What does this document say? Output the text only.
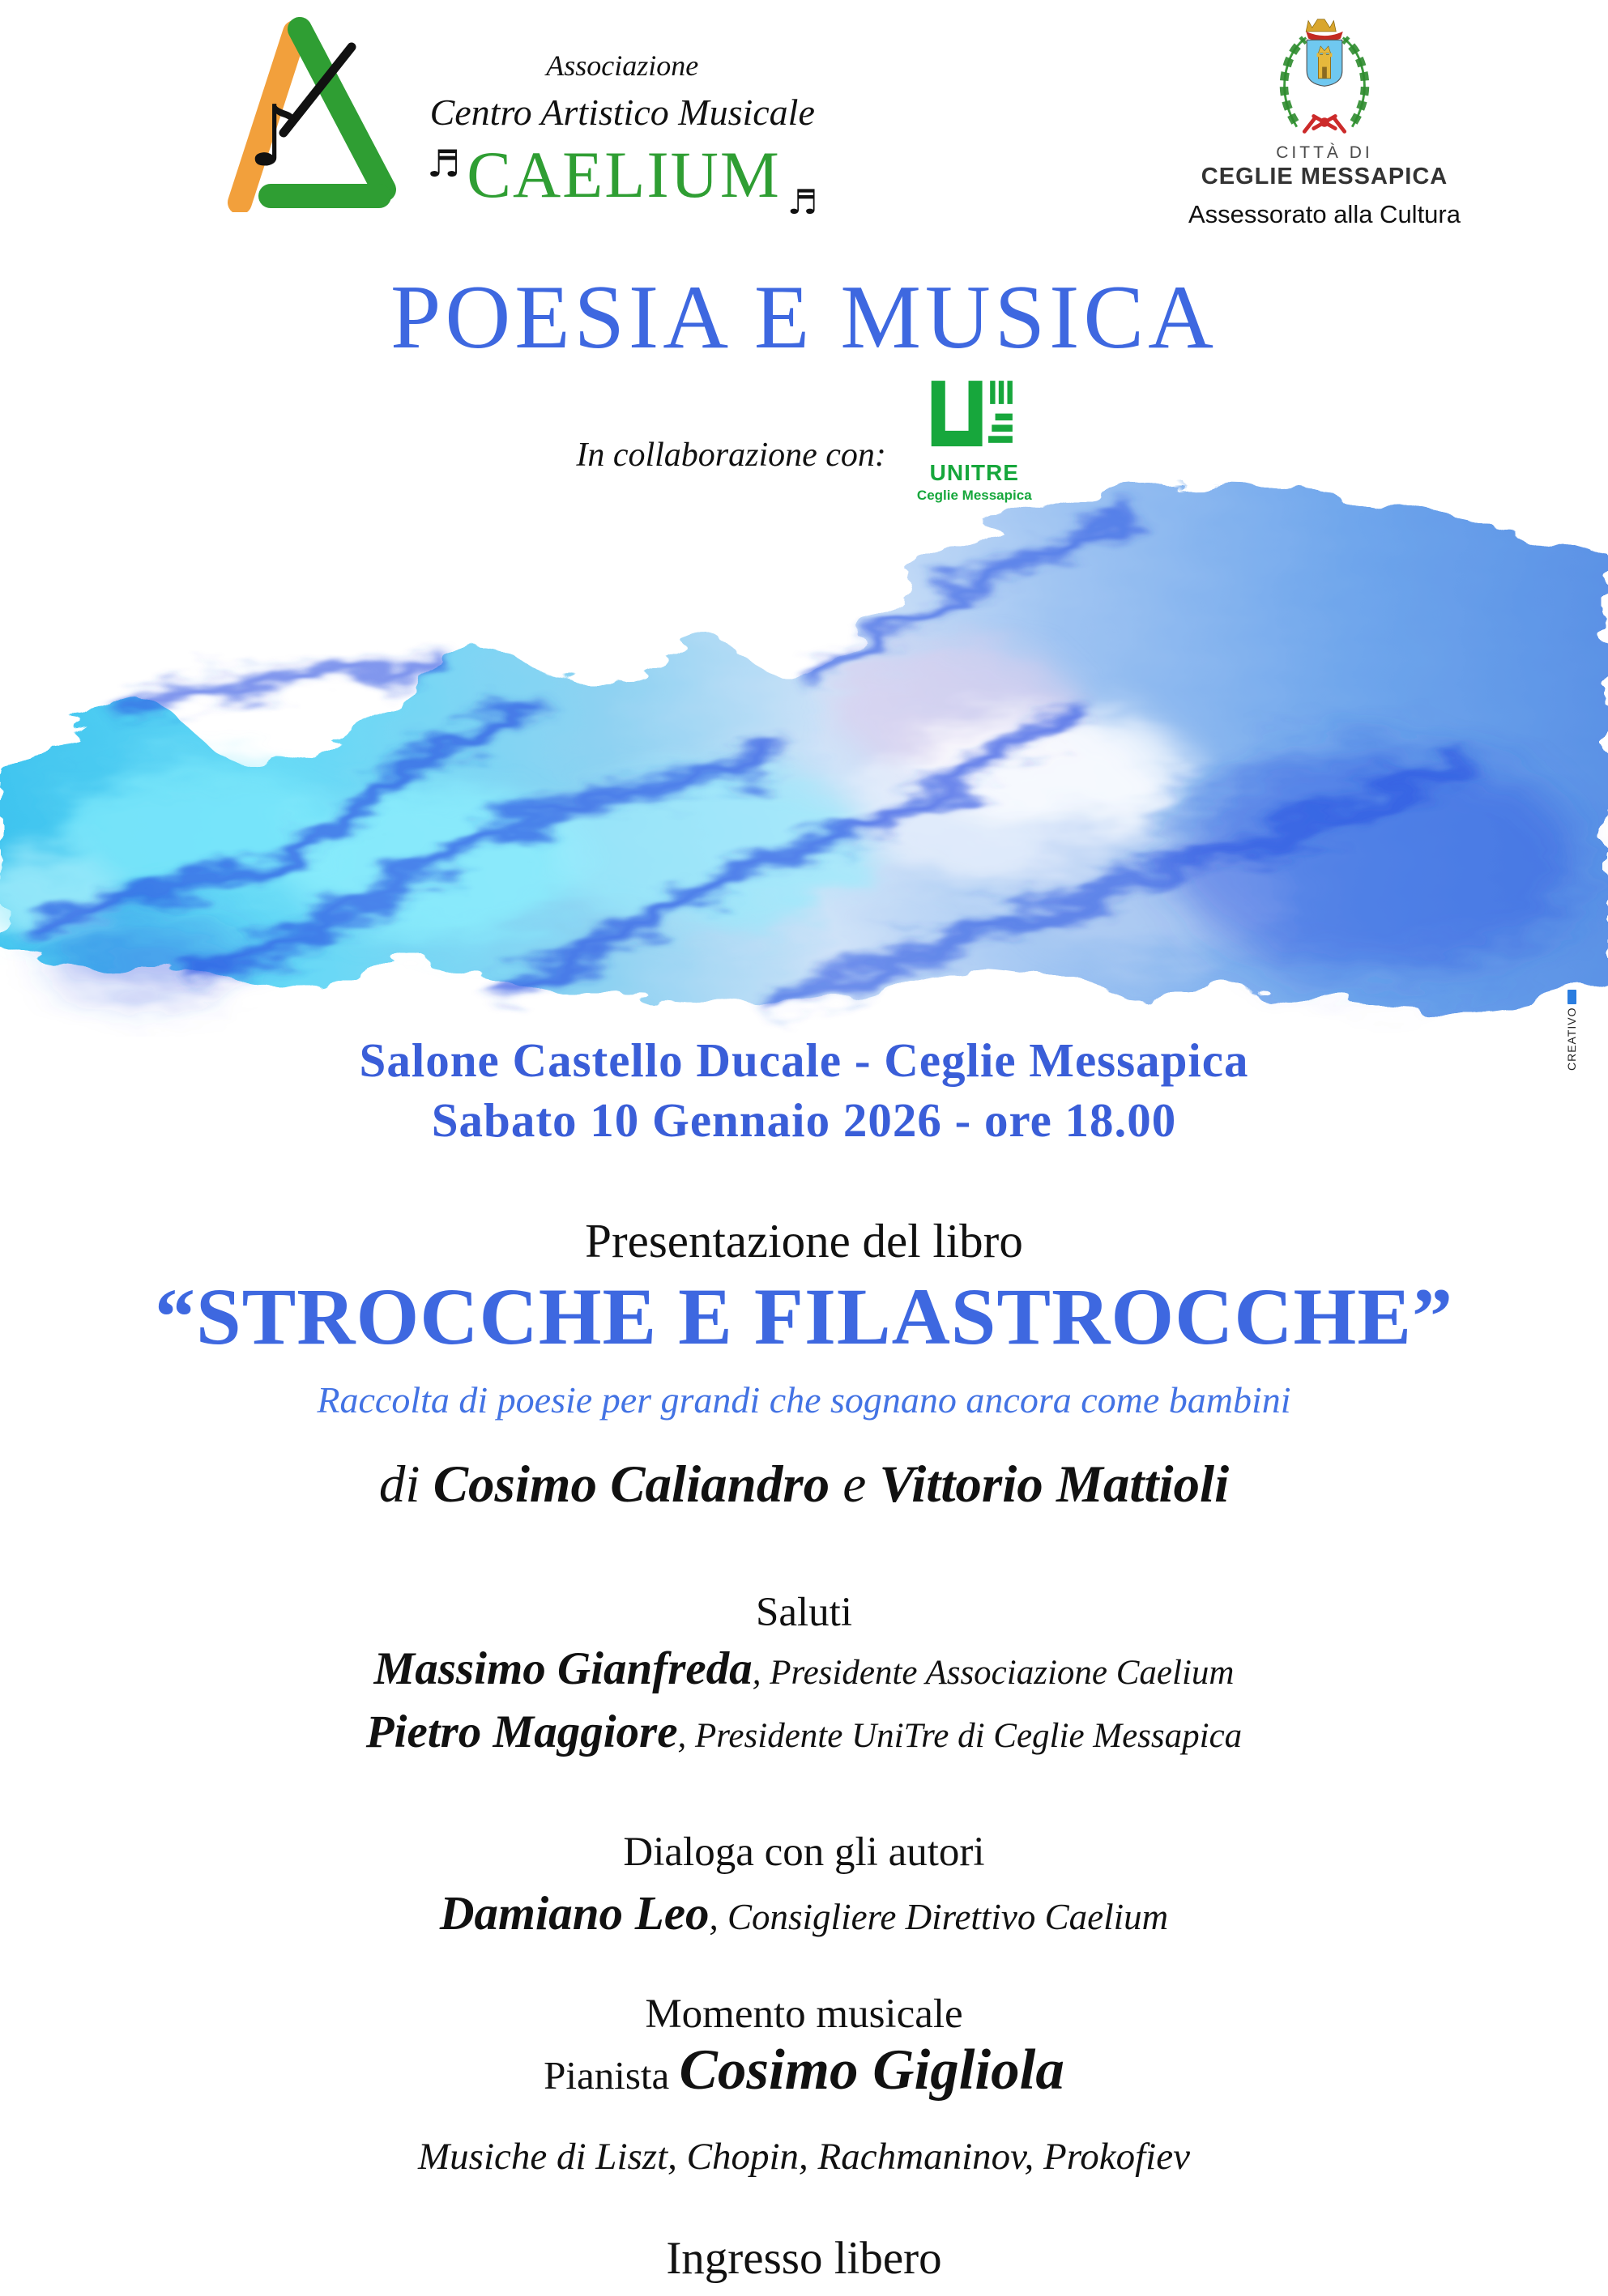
♪
Associazione
Centro Artistico Musicale
♬ CAELIUM ♬
CITTÀ DI
CEGLIE MESSAPICA
Assessorato alla Cultura
POESIA E MUSICA
In collaborazione con: UNITRE
Ceglie Messapica
Salone Castello Ducale - Ceglie Messapica
Sabato 10 Gennaio 2026 - ore 18.00
Presentazione del libro
“STROCCHE E FILASTROCCHE”
Raccolta di poesie per grandi che sognano ancora come bambini
di Cosimo Caliandro e Vittorio Mattioli
Saluti
Massimo Gianfreda, Presidente Associazione Caelium
Pietro Maggiore, Presidente UniTre di Ceglie Messapica
Dialoga con gli autori
Damiano Leo, Consigliere Direttivo Caelium
Momento musicale
Pianista Cosimo Gigliola
Musiche di Liszt, Chopin, Rachmaninov, Prokofiev
Ingresso libero
CREATIVO
